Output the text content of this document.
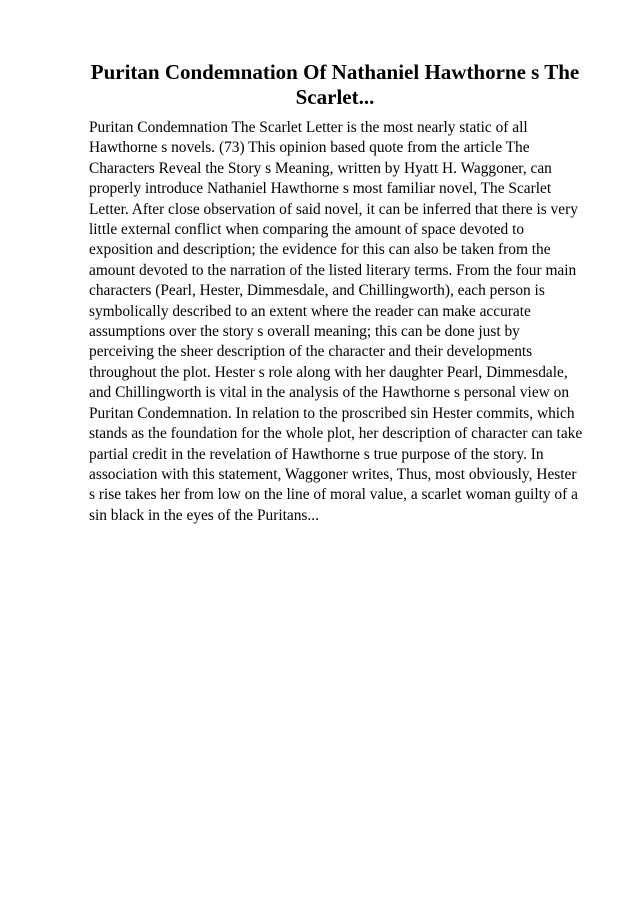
Puritan Condemnation Of Nathaniel Hawthorne s The Scarlet...

Puritan Condemnation The Scarlet Letter is the most nearly static of all Hawthorne s novels. (73) This opinion based quote from the article The Characters Reveal the Story s Meaning, written by Hyatt H. Waggoner, can properly introduce Nathaniel Hawthorne s most familiar novel, The Scarlet Letter. After close observation of said novel, it can be inferred that there is very little external conflict when comparing the amount of space devoted to exposition and description; the evidence for this can also be taken from the amount devoted to the narration of the listed literary terms. From the four main characters (Pearl, Hester, Dimmesdale, and Chillingworth), each person is symbolically described to an extent where the reader can make accurate assumptions over the story s overall meaning; this can be done just by perceiving the sheer description of the character and their developments throughout the plot. Hester s role along with her daughter Pearl, Dimmesdale, and Chillingworth is vital in the analysis of the Hawthorne s personal view on Puritan Condemnation. In relation to the proscribed sin Hester commits, which stands as the foundation for the whole plot, her description of character can take partial credit in the revelation of Hawthorne s true purpose of the story. In association with this statement, Waggoner writes, Thus, most obviously, Hester s rise takes her from low on the line of moral value, a scarlet woman guilty of a sin black in the eyes of the Puritans...
